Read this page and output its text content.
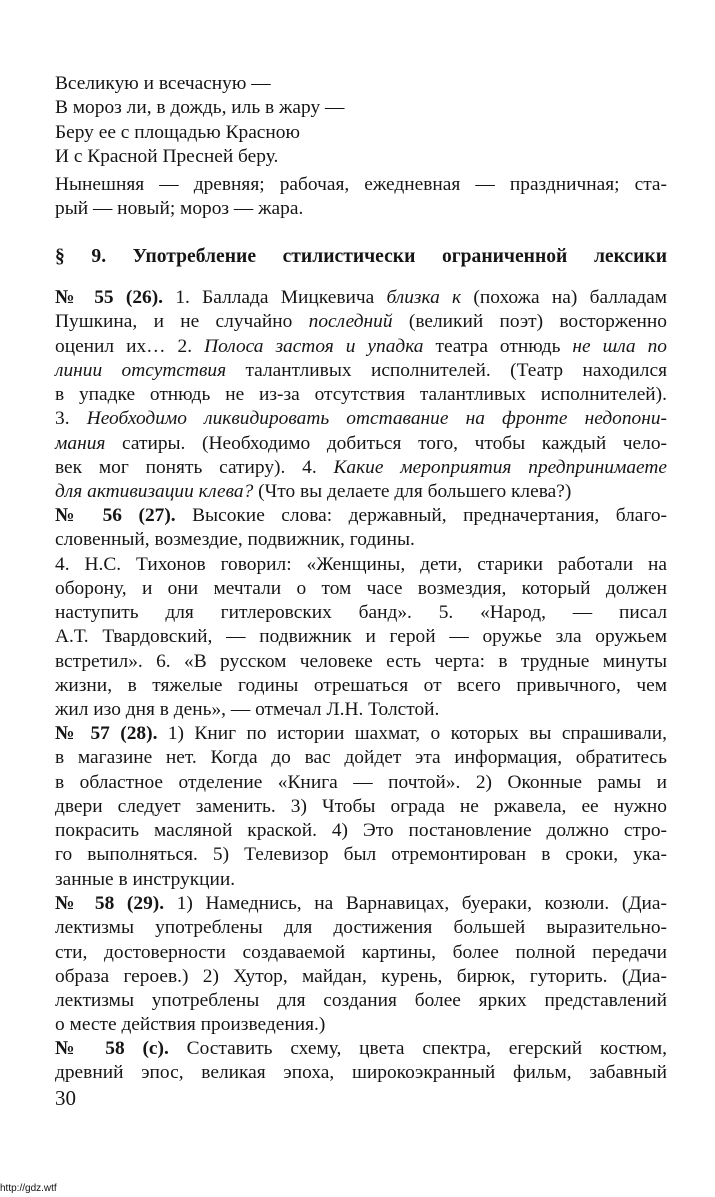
Вселикую и всечасную —
В мороз ли, в дождь, иль в жару —
Беру ее с площадью Красною
И с Красной Пресней беру.
Нынешняя — древняя; рабочая, ежедневная — праздничная; ста-
рый — новый; мороз — жара.
§ 9. Употребление стилистически ограниченной лексики
№ 55 (26). 1. Баллада Мицкевича близка к (похожа на) балладам
Пушкина, и не случайно последний (великий поэт) восторженно
оценил их… 2. Полоса застоя и упадка театра отнюдь не шла по
линии отсутствия талантливых исполнителей. (Театр находился
в упадке отнюдь не из-за отсутствия талантливых исполнителей).
3. Необходимо ликвидировать отставание на фронте недопони-
мания сатиры. (Необходимо добиться того, чтобы каждый чело-
век мог понять сатиру). 4. Какие мероприятия предпринимаете
для активизации клева? (Что вы делаете для большего клева?)
№ 56 (27). Высокие слова: державный, предначертания, благо-
словенный, возмездие, подвижник, годины.
4. Н.С. Тихонов говорил: «Женщины, дети, старики работали на
оборону, и они мечтали о том часе возмездия, который должен
наступить для гитлеровских банд». 5. «Народ, — писал
А.Т. Твардовский, — подвижник и герой — оружье зла оружьем
встретил». 6. «В русском человеке есть черта: в трудные минуты
жизни, в тяжелые годины отрешаться от всего привычного, чем
жил изо дня в день», — отмечал Л.Н. Толстой.
№ 57 (28). 1) Книг по истории шахмат, о которых вы спрашивали,
в магазине нет. Когда до вас дойдет эта информация, обратитесь
в областное отделение «Книга — почтой». 2) Оконные рамы и
двери следует заменить. 3) Чтобы ограда не ржавела, ее нужно
покрасить масляной краской. 4) Это постановление должно стро-
го выполняться. 5) Телевизор был отремонтирован в сроки, ука-
занные в инструкции.
№ 58 (29). 1) Намеднись, на Варнавицах, буераки, козюли. (Диа-
лектизмы употреблены для достижения большей выразительно-
сти, достоверности создаваемой картины, более полной передачи
образа героев.) 2) Хутор, майдан, курень, бирюк, гуторить. (Диа-
лектизмы употреблены для создания более ярких представлений
о месте действия произведения.)
№ 58 (с). Составить схему, цвета спектра, егерский костюм,
древний эпос, великая эпоха, широкоэкранный фильм, забавный
30
http://gdz.wtf
